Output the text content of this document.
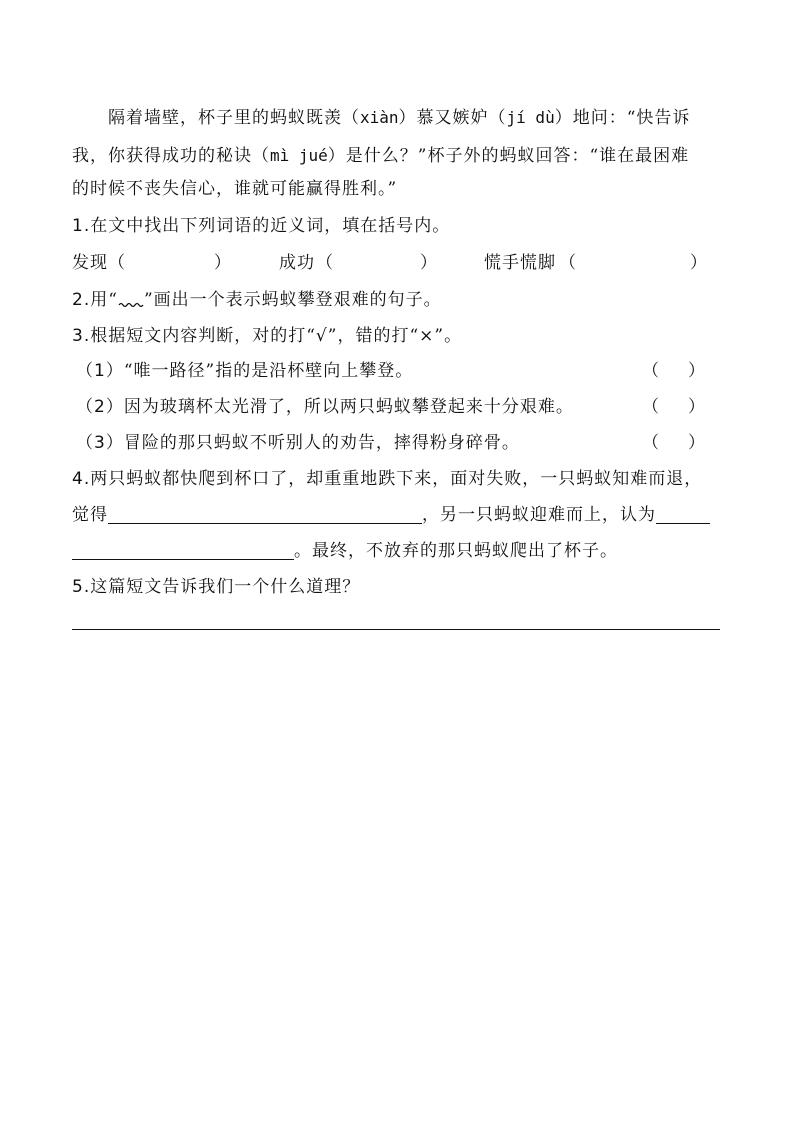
隔着墙壁，杯子里的蚂蚁既羡（xiàn）慕又嫉妒（jí dù）地问：“快告诉
我，你获得成功的秘诀（mì jué）是什么？”杯子外的蚂蚁回答：“谁在最困难
的时候不丧失信心，谁就可能赢得胜利。”
1.在文中找出下列词语的近义词，填在括号内。
发现 （	）	成功 （	）	慌手慌脚 （	）
2.用“ ”画出一个表示蚂蚁攀登艰难的句子。
3.根据短文内容判断，对的打“√”，错的打“×”。
（1）“唯一路径”指的是沿杯壁向上攀登。	（ ）
（2）因为玻璃杯太光滑了，所以两只蚂蚁攀登起来十分艰难。	（ ）
（3）冒险的那只蚂蚁不听别人的劝告，摔得粉身碎骨。	（ ）
4.两只蚂蚁都快爬到杯口了，却重重地跌下来，面对失败，一只蚂蚁知难而退，
觉得	，另一只蚂蚁迎难而上，认为
。最终，不放弃的那只蚂蚁爬出了杯子。
5.这篇短文告诉我们一个什么道理？
